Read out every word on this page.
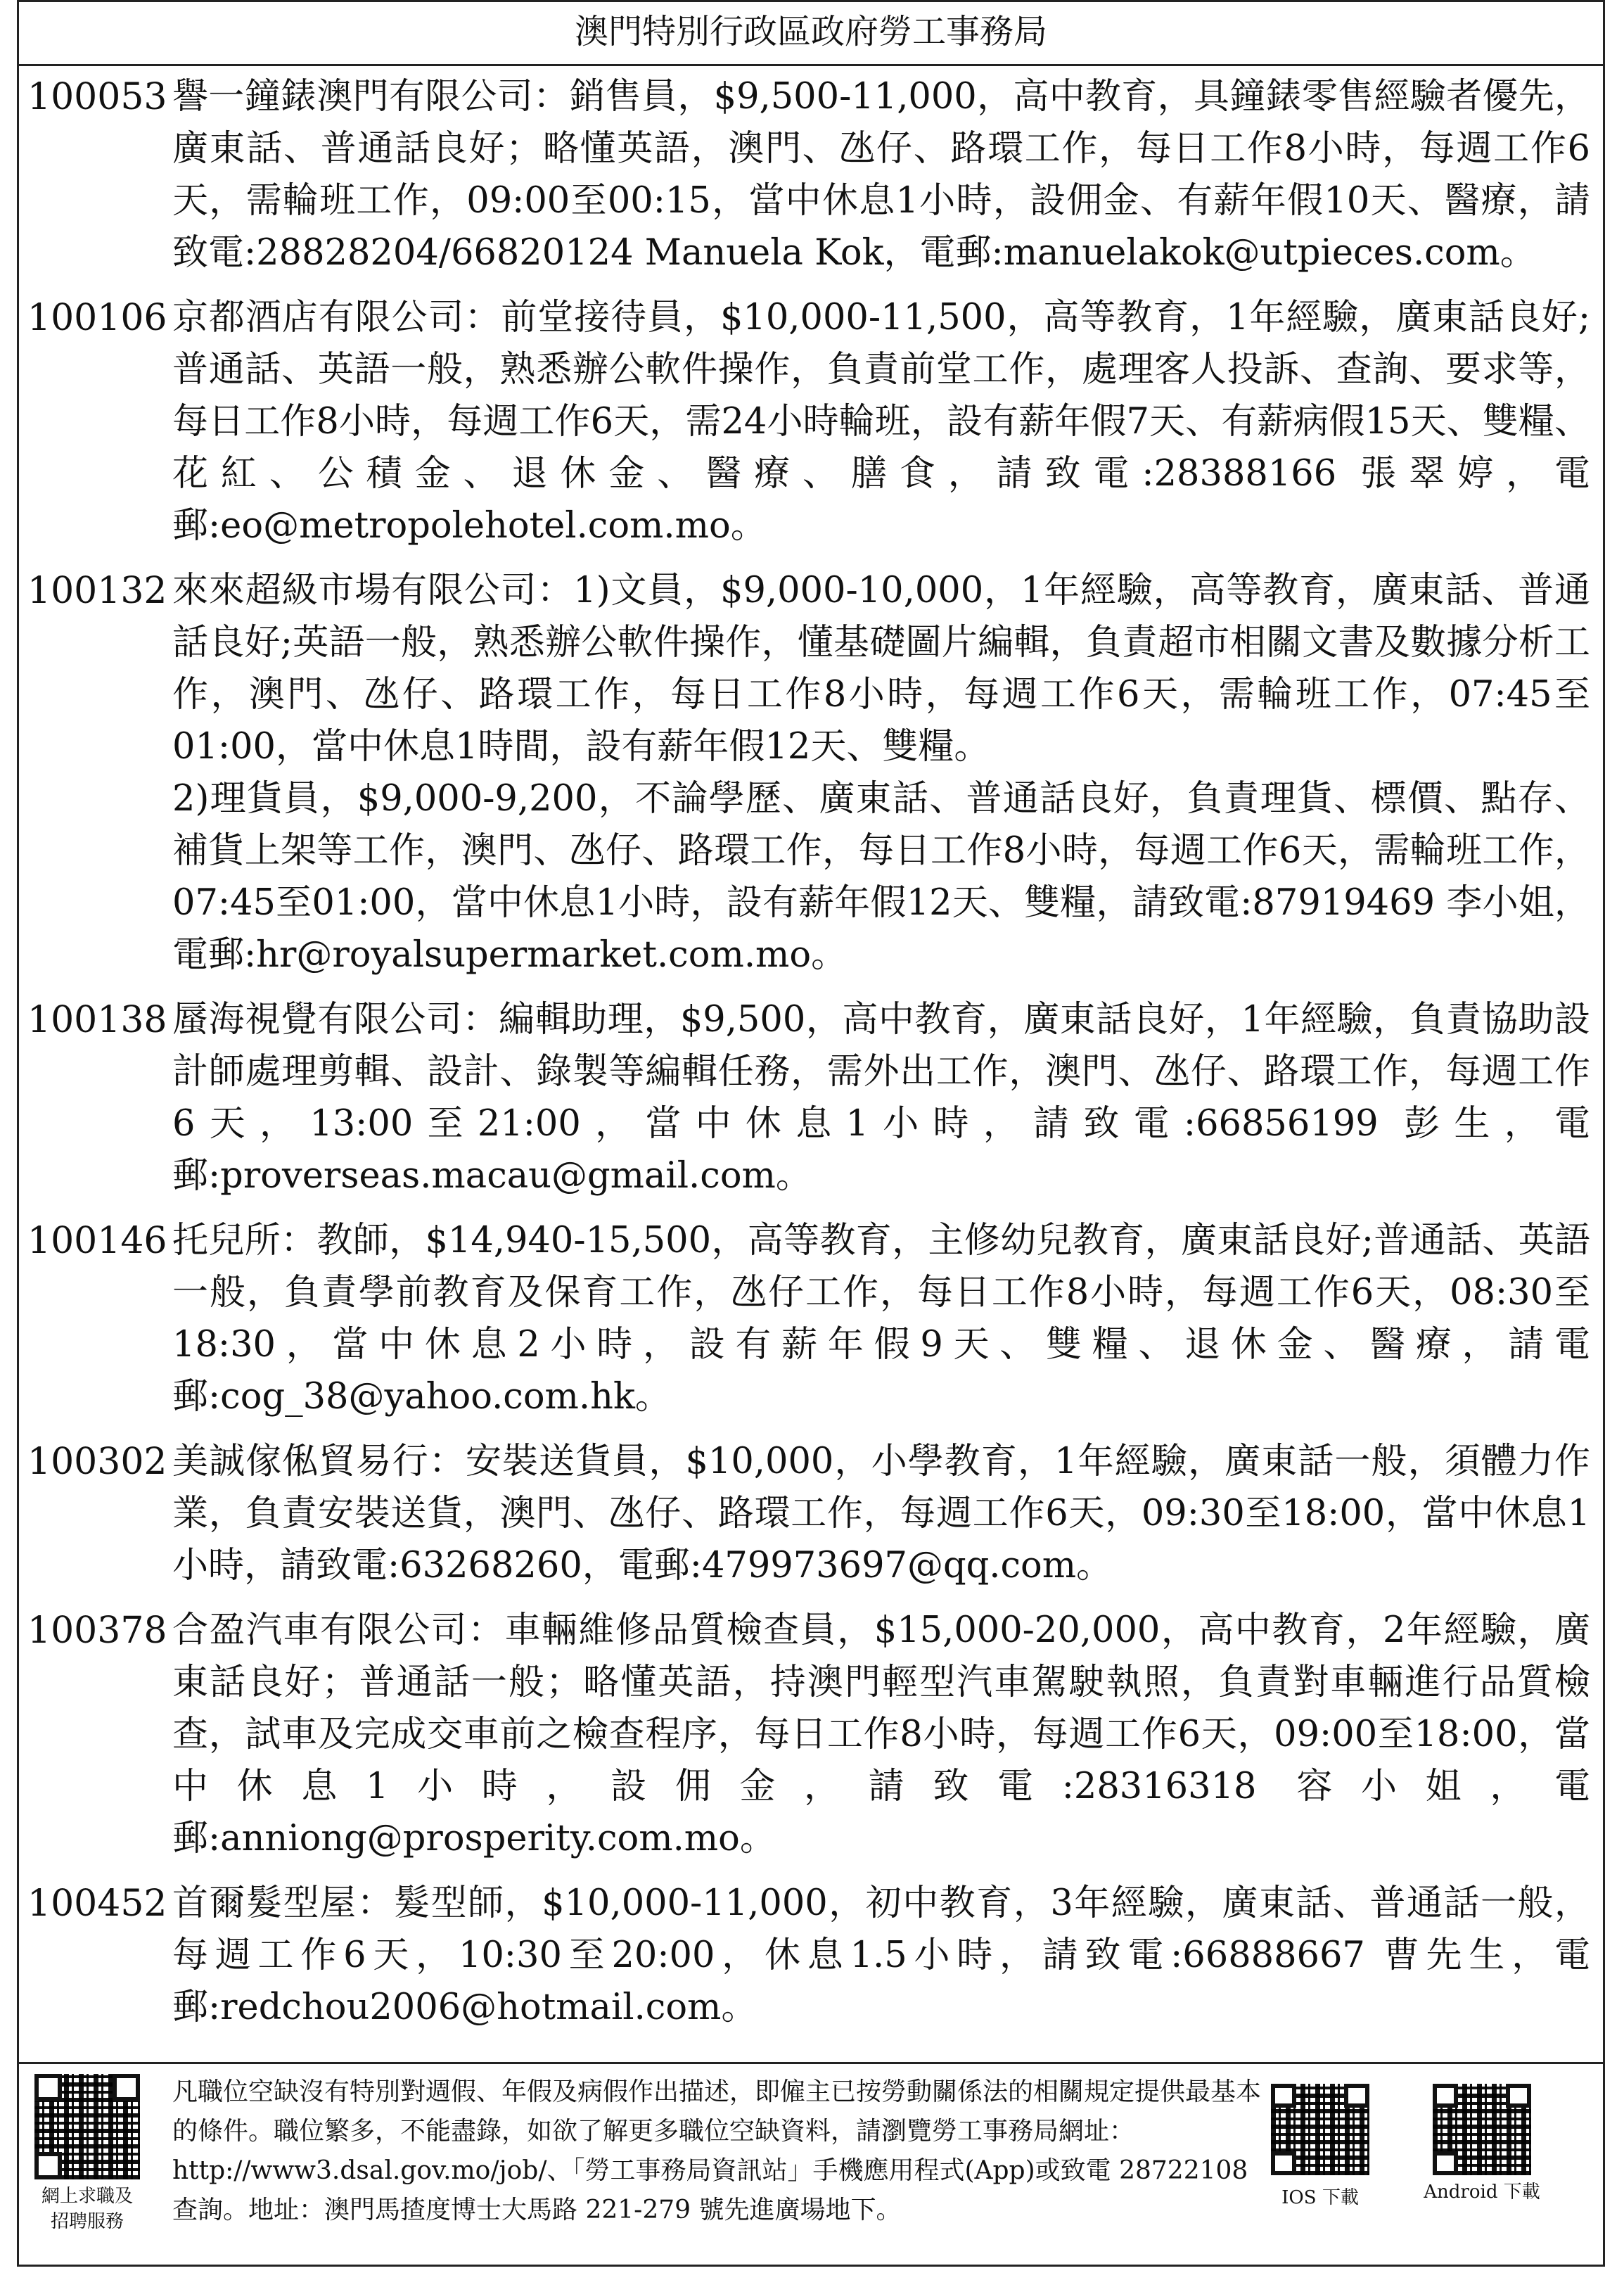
澳門特別行政區政府勞工事務局
100053 譽一鐘錶澳門有限公司：銷售員，$9,500-11,000，高中教育，具鐘錶零售經驗者優先，廣東話、普通話良好；略懂英語，澳門、氹仔、路環工作，每日工作8小時，每週工作6天，需輪班工作，09:00至00:15，當中休息1小時，設佣金、有薪年假10天、醫療，請致電:28828204/66820124 Manuela Kok，電郵:manuelakok@utpieces.com。

100106 京都酒店有限公司：前堂接待員，$10,000-11,500，高等教育，1年經驗，廣東話良好;普通話、英語一般，熟悉辦公軟件操作，負責前堂工作，處理客人投訴、查詢、要求等，每日工作8小時，每週工作6天，需24小時輪班，設有薪年假7天、有薪病假15天、雙糧、花紅、公積金、退休金、醫療、膳食，請致電:28388166 張翠婷，電郵:eo@metropolehotel.com.mo。

100132 來來超級市場有限公司：1)文員，$9,000-10,000，1年經驗，高等教育，廣東話、普通話良好;英語一般，熟悉辦公軟件操作，懂基礎圖片編輯，負責超市相關文書及數據分析工作，澳門、氹仔、路環工作，每日工作8小時，每週工作6天，需輪班工作，07:45至01:00，當中休息1時間，設有薪年假12天、雙糧。

2)理貨員，$9,000-9,200，不論學歷、廣東話、普通話良好，負責理貨、標價、點存、補貨上架等工作，澳門、氹仔、路環工作，每日工作8小時，每週工作6天，需輪班工作，07:45至01:00，當中休息1小時，設有薪年假12天、雙糧，請致電:87919469 李小姐，電郵:hr@royalsupermarket.com.mo。

100138 蜃海視覺有限公司：編輯助理，$9,500，高中教育，廣東話良好，1年經驗，負責協助設計師處理剪輯、設計、錄製等編輯任務，需外出工作，澳門、氹仔、路環工作，每週工作6天，13:00至21:00，當中休息1小時，請致電:66856199 彭生，電郵:proverseas.macau@gmail.com。

100146 托兒所：教師，$14,940-15,500，高等教育，主修幼兒教育，廣東話良好;普通話、英語一般，負責學前教育及保育工作，氹仔工作，每日工作8小時，每週工作6天，08:30至18:30，當中休息2小時，設有薪年假9天、雙糧、退休金、醫療，請電郵:cog_38@yahoo.com.hk。

100302 美誠傢俬貿易行：安裝送貨員，$10,000，小學教育，1年經驗，廣東話一般，須體力作業，負責安裝送貨，澳門、氹仔、路環工作，每週工作6天，09:30至18:00，當中休息1小時，請致電:63268260，電郵:479973697@qq.com。

100378 合盈汽車有限公司：車輛維修品質檢查員，$15,000-20,000，高中教育，2年經驗，廣東話良好；普通話一般；略懂英語，持澳門輕型汽車駕駛執照，負責對車輛進行品質檢查，試車及完成交車前之檢查程序，每日工作8小時，每週工作6天，09:00至18:00，當中休息1小時，設佣金，請致電:28316318 容小姐，電郵:anniong@prosperity.com.mo。

100452 首爾髮型屋：髮型師，$10,000-11,000，初中教育，3年經驗，廣東話、普通話一般，每週工作6天，10:30至20:00，休息1.5小時，請致電:66888667 曹先生，電郵:redchou2006@hotmail.com。

網上求職及
招聘服務

凡職位空缺沒有特別對週假、年假及病假作出描述，即僱主已按勞動關係法的相關規定提供最基本的條件。職位繁多，不能盡錄，如欲了解更多職位空缺資料，請瀏覽勞工事務局網址：http://www3.dsal.gov.mo/job/、「勞工事務局資訊站」手機應用程式(App)或致電 28722108 查詢。地址：澳門馬揸度博士大馬路 221-279 號先進廣場地下。	IOS 下載	Android 下載
